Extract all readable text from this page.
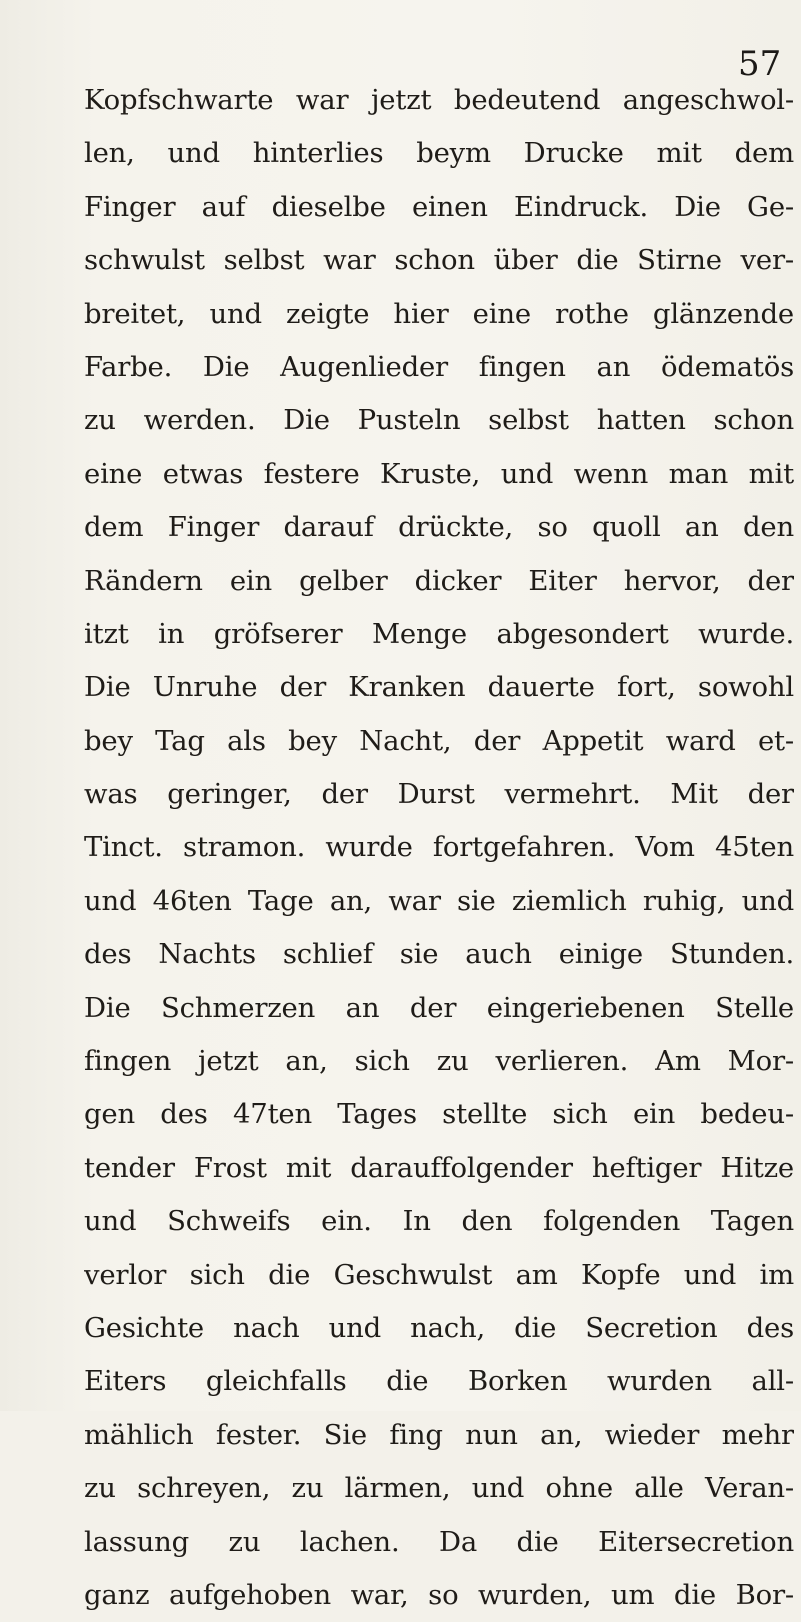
57
Kopfschwarte war jetzt bedeutend angeschwol-
len, und hinterlies beym Drucke mit dem
Finger auf dieselbe einen Eindruck. Die Ge-
schwulst selbst war schon über die Stirne ver-
breitet, und zeigte hier eine rothe glänzende
Farbe. Die Augenlieder fingen an ödematös
zu werden. Die Pusteln selbst hatten schon
eine etwas festere Kruste, und wenn man mit
dem Finger darauf drückte, so quoll an den
Rändern ein gelber dicker Eiter hervor, der
itzt in gröfserer Menge abgesondert wurde.
Die Unruhe der Kranken dauerte fort, sowohl
bey Tag als bey Nacht, der Appetit ward et-
was geringer, der Durst vermehrt. Mit der
Tinct. stramon. wurde fortgefahren. Vom 45ten
und 46ten Tage an, war sie ziemlich ruhig, und
des Nachts schlief sie auch einige Stunden.
Die Schmerzen an der eingeriebenen Stelle
fingen jetzt an, sich zu verlieren. Am Mor-
gen des 47ten Tages stellte sich ein bedeu-
tender Frost mit darauffolgender heftiger Hitze
und Schweifs ein. In den folgenden Tagen
verlor sich die Geschwulst am Kopfe und im
Gesichte nach und nach, die Secretion des
Eiters gleichfalls die Borken wurden all-
mählich fester. Sie fing nun an, wieder mehr
zu schreyen, zu lärmen, und ohne alle Veran-
lassung zu lachen. Da die Eitersecretion
ganz aufgehoben war, so wurden, um die Bor-
